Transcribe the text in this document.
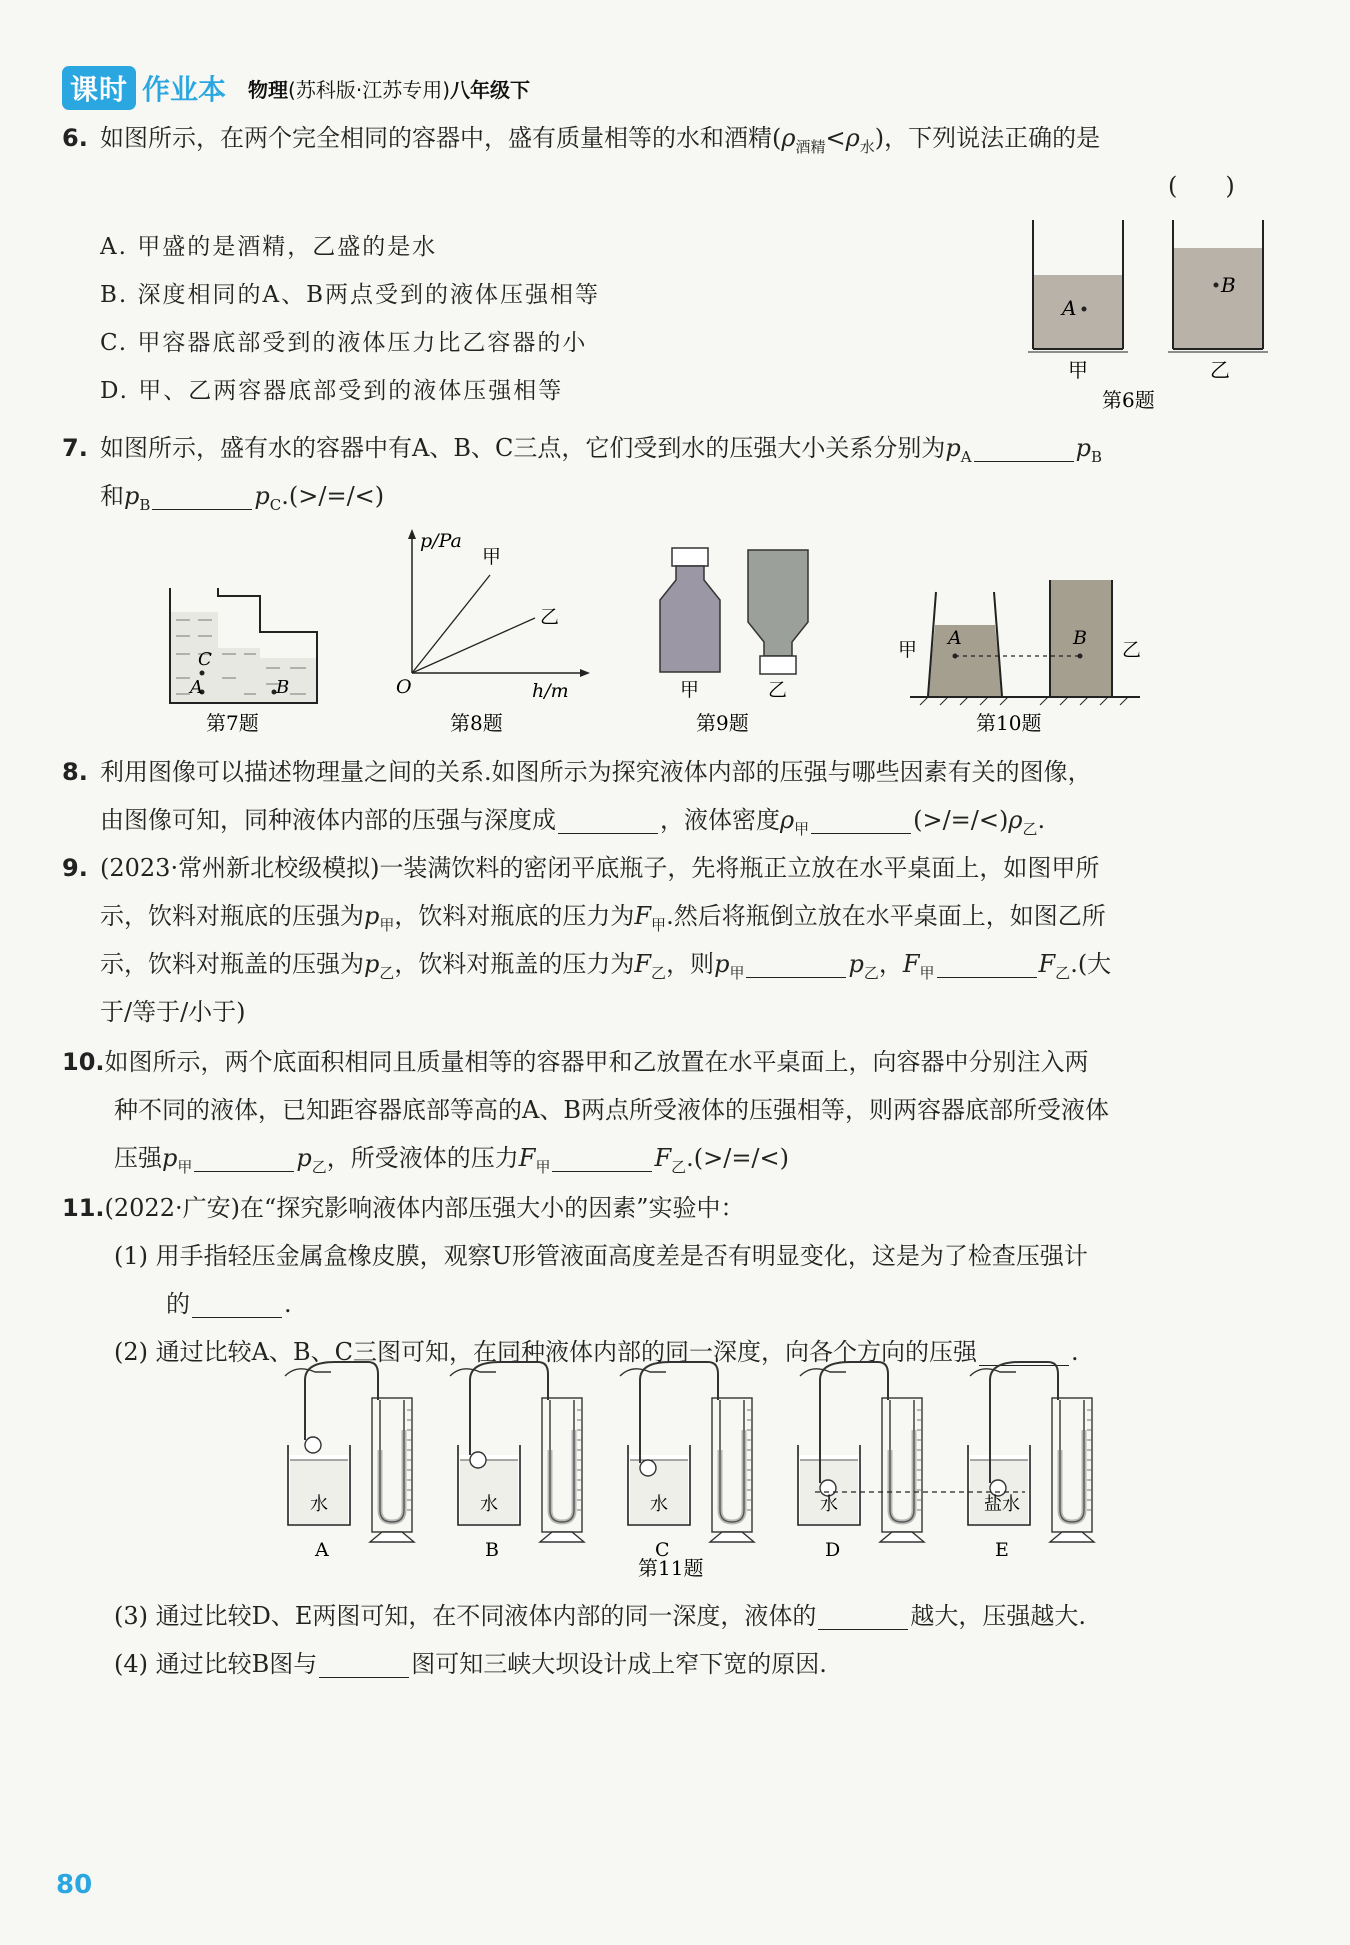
课时 作业本 物理(苏科版·江苏专用)八年级下
6. 如图所示，在两个完全相同的容器中，盛有质量相等的水和酒精$(\rho_{酒精}<\rho_水)$，下列说法正确的是
(　　)
A. 甲盛的是酒精，乙盛的是水
B. 深度相同的A、B两点受到的液体压强相等
C. 甲容器底部受到的液体压力比乙容器的小
D. 甲、乙两容器底部受到的液体压强相等
A
B
甲	乙
第6题
7. 如图所示，盛有水的容器中有A、B、C三点，它们受到水的压强大小关系分别为$p_A$	$p_B$
和$p_B$	$p_C.(>/=/<)$
C
A	B
第7题
p/Pa
甲
乙
O	h/m
第8题
甲	乙
第9题
A	B
甲	乙
第10题
8. 利用图像可以描述物理量之间的关系.如图所示为探究液体内部的压强与哪些因素有关的图像，
由图像可知，同种液体内部的压强与深度成	，液体密度$\rho_甲$	$(>/=/<)\rho_乙$.
9. (2023·常州新北校级模拟)一装满饮料的密闭平底瓶子，先将瓶正立放在水平桌面上，如图甲所
示，饮料对瓶底的压强为$p_甲$，饮料对瓶底的压力为$F_甲$.然后将瓶倒立放在水平桌面上，如图乙所
示，饮料对瓶盖的压强为$p_乙$，饮料对瓶盖的压力为$F_乙$，则$p_甲$	$p_乙$，$F_甲$	$F_乙$.(大
于/等于/小于)
10.如图所示，两个底面积相同且质量相等的容器甲和乙放置在水平桌面上，向容器中分别注入两
种不同的液体，已知距容器底部等高的A、B两点所受液体的压强相等，则两容器底部所受液体
压强$p_甲$	$p_乙$，所受液体的压力$F_甲$	$F_乙.(>/=/<)$
11.(2022·广安)在“探究影响液体内部压强大小的因素”实验中：
(1) 用手指轻压金属盒橡皮膜，观察U形管液面高度差是否有明显变化，这是为了检查压强计
的	.
(2) 通过比较A、B、C三图可知，在同种液体内部的同一深度，向各个方向的压强	.
水
A
水
B
水
C
水
D
盐水
E
第11题
(3) 通过比较D、E两图可知，在不同液体内部的同一深度，液体的	越大，压强越大.
(4) 通过比较B图与	图可知三峡大坝设计成上窄下宽的原因.
80
